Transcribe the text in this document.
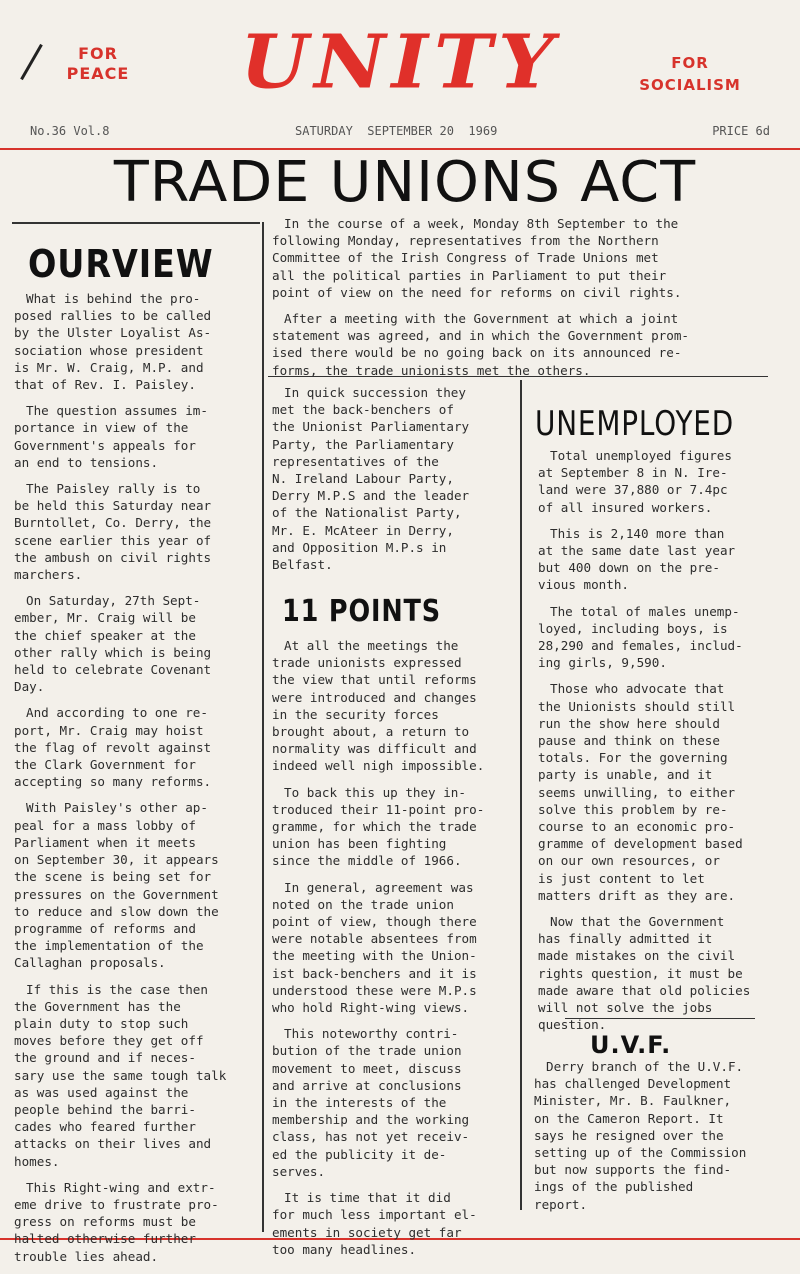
FOR
PEACE	UNITY	FOR
SOCIALISM
No.36 Vol.8	SATURDAY  SEPTEMBER 20  1969	PRICE 6d
TRADE UNIONS ACT
OURVIEW

What is behind the pro-
posed rallies to be called
by the Ulster Loyalist As-
sociation whose president
is Mr. W. Craig, M.P. and
that of Rev. I. Paisley.

The question assumes im-
portance in view of the
Government's appeals for
an end to tensions.

The Paisley rally is to
be held this Saturday near
Burntollet, Co. Derry, the
scene earlier this year of
the ambush on civil rights
marchers.

On Saturday, 27th Sept-
ember, Mr. Craig will be
the chief speaker at the
other rally which is being
held to celebrate Covenant
Day.

And according to one re-
port, Mr. Craig may hoist
the flag of revolt against
the Clark Government for
accepting so many reforms.

With Paisley's other ap-
peal for a mass lobby of
Parliament when it meets
on September 30, it appears
the scene is being set for
pressures on the Government
to reduce and slow down the
programme of reforms and
the implementation of the
Callaghan proposals.

If this is the case then
the Government has the
plain duty to stop such
moves before they get off
the ground and if neces-
sary use the same tough talk
as was used against the
people behind the barri-
cades who feared further
attacks on their lives and
homes.

This Right-wing and extr-
eme drive to frustrate pro-
gress on reforms must be
halted otherwise further
trouble lies ahead.

In the course of a week, Monday 8th September to the
following Monday, representatives from the Northern
Committee of the Irish Congress of Trade Unions met
all the political parties in Parliament to put their
point of view on the need for reforms on civil rights.

After a meeting with the Government at which a joint
statement was agreed, and in which the Government prom-
ised there would be no going back on its announced re-
forms, the trade unionists met the others.

In quick succession they
met the back-benchers of
the Unionist Parliamentary
Party, the Parliamentary
representatives of the
N. Ireland Labour Party,
Derry M.P.S and the leader
of the Nationalist Party,
Mr. E. McAteer in Derry,
and Opposition M.P.s in
Belfast.

11 POINTS

At all the meetings the
trade unionists expressed
the view that until reforms
were introduced and changes
in the security forces
brought about, a return to
normality was difficult and
indeed well nigh impossible.

To back this up they in-
troduced their 11-point pro-
gramme, for which the trade
union has been fighting
since the middle of 1966.

In general, agreement was
noted on the trade union
point of view, though there
were notable absentees from
the meeting with the Union-
ist back-benchers and it is
understood these were M.P.s
who hold Right-wing views.

This noteworthy contri-
bution of the trade union
movement to meet, discuss
and arrive at conclusions
in the interests of the
membership and the working
class, has not yet receiv-
ed the publicity it de-
serves.

It is time that it did
for much less important el-
ements in society get far
too many headlines.

UNEMPLOYED

Total unemployed figures
at September 8 in N. Ire-
land were 37,880 or 7.4pc
of all insured workers.

This is 2,140 more than
at the same date last year
but 400 down on the pre-
vious month.

The total of males unemp-
loyed, including boys, is
28,290 and females, includ-
ing girls, 9,590.

Those who advocate that
the Unionists should still
run the show here should
pause and think on these
totals. For the governing
party is unable, and it
seems unwilling, to either
solve this problem by re-
course to an economic pro-
gramme of development based
on our own resources, or
is just content to let
matters drift as they are.

Now that the Government
has finally admitted it
made mistakes on the civil
rights question, it must be
made aware that old policies
will not solve the jobs
question.

U.V.F.

Derry branch of the U.V.F.
has challenged Development
Minister, Mr. B. Faulkner,
on the Cameron Report. It
says he resigned over the
setting up of the Commission
but now supports the find-
ings of the published
report.
